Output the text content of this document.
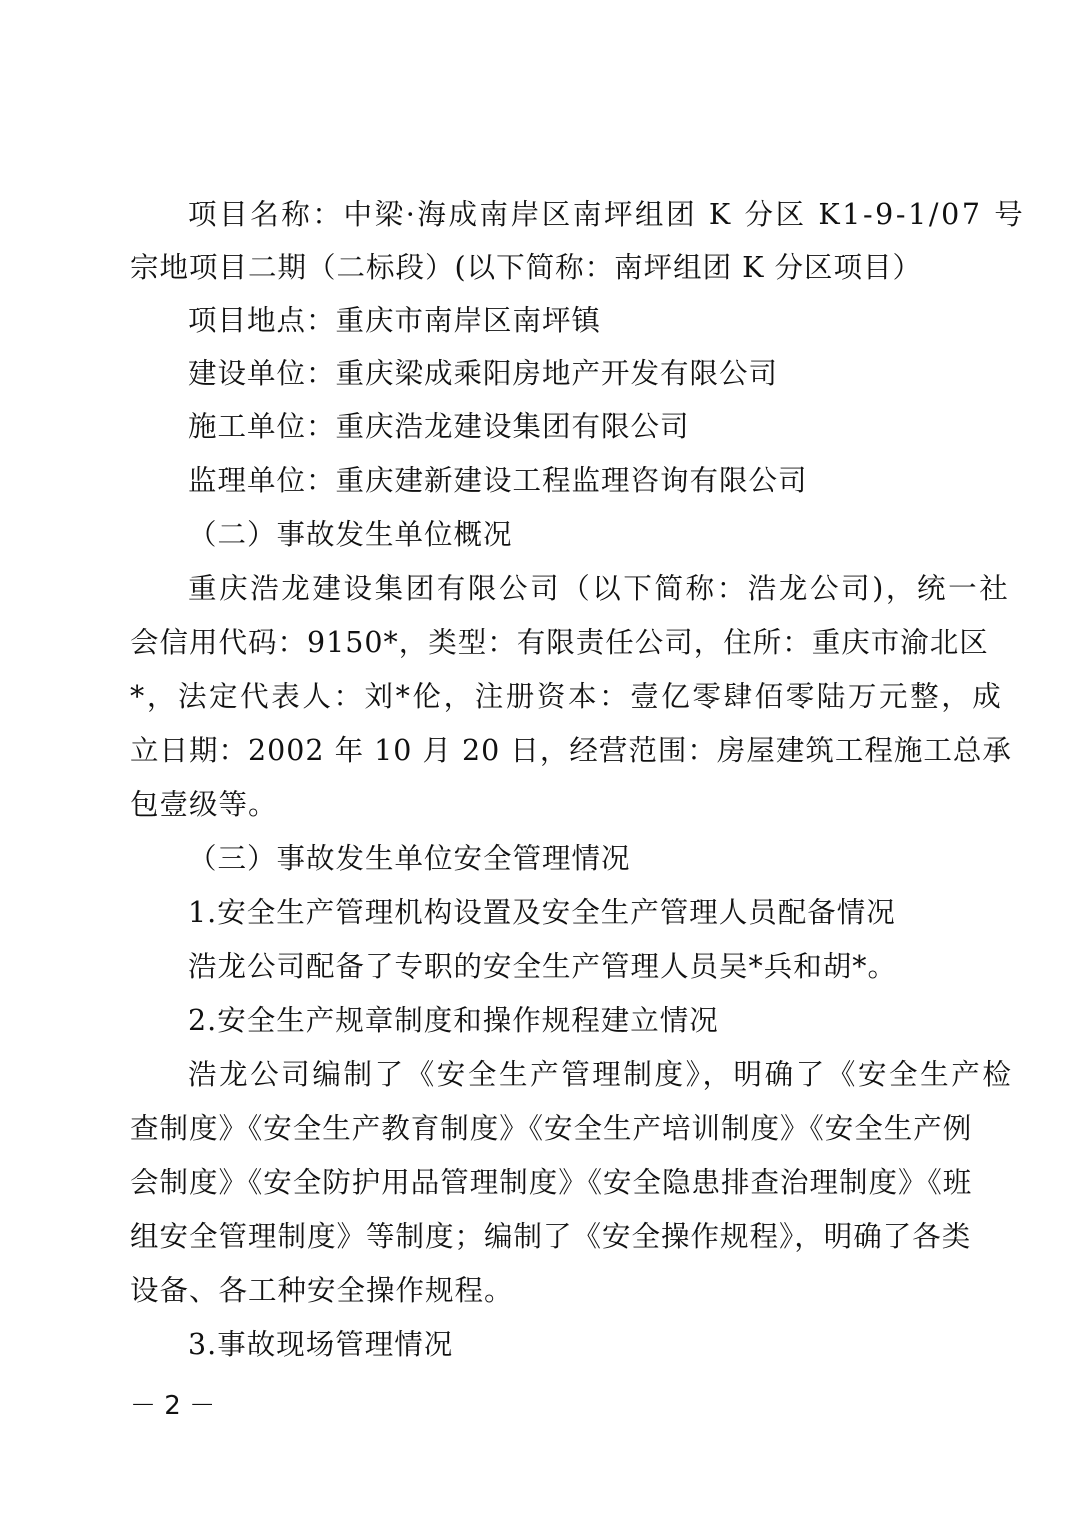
项目名称：中梁·海成南岸区南坪组团 K 分区 K1-9-1/07 号
宗地项目二期（二标段）(以下简称：南坪组团 K 分区项目）
项目地点：重庆市南岸区南坪镇
建设单位：重庆梁成乘阳房地产开发有限公司
施工单位：重庆浩龙建设集团有限公司
监理单位：重庆建新建设工程监理咨询有限公司
（二）事故发生单位概况
重庆浩龙建设集团有限公司（以下简称：浩龙公司)，统一社
会信用代码：9150*，类型：有限责任公司，住所：重庆市渝北区
*，法定代表人：刘*伦，注册资本：壹亿零肆佰零陆万元整，成
立日期：2002 年 10 月 20 日，经营范围：房屋建筑工程施工总承
包壹级等。
（三）事故发生单位安全管理情况
1.安全生产管理机构设置及安全生产管理人员配备情况
浩龙公司配备了专职的安全生产管理人员吴*兵和胡*。
2.安全生产规章制度和操作规程建立情况
浩龙公司编制了《安全生产管理制度》，明确了《安全生产检
查制度》《安全生产教育制度》《安全生产培训制度》《安全生产例
会制度》《安全防护用品管理制度》《安全隐患排查治理制度》《班
组安全管理制度》等制度；编制了《安全操作规程》，明确了各类
设备、各工种安全操作规程。
3.事故现场管理情况
－ 2 －
